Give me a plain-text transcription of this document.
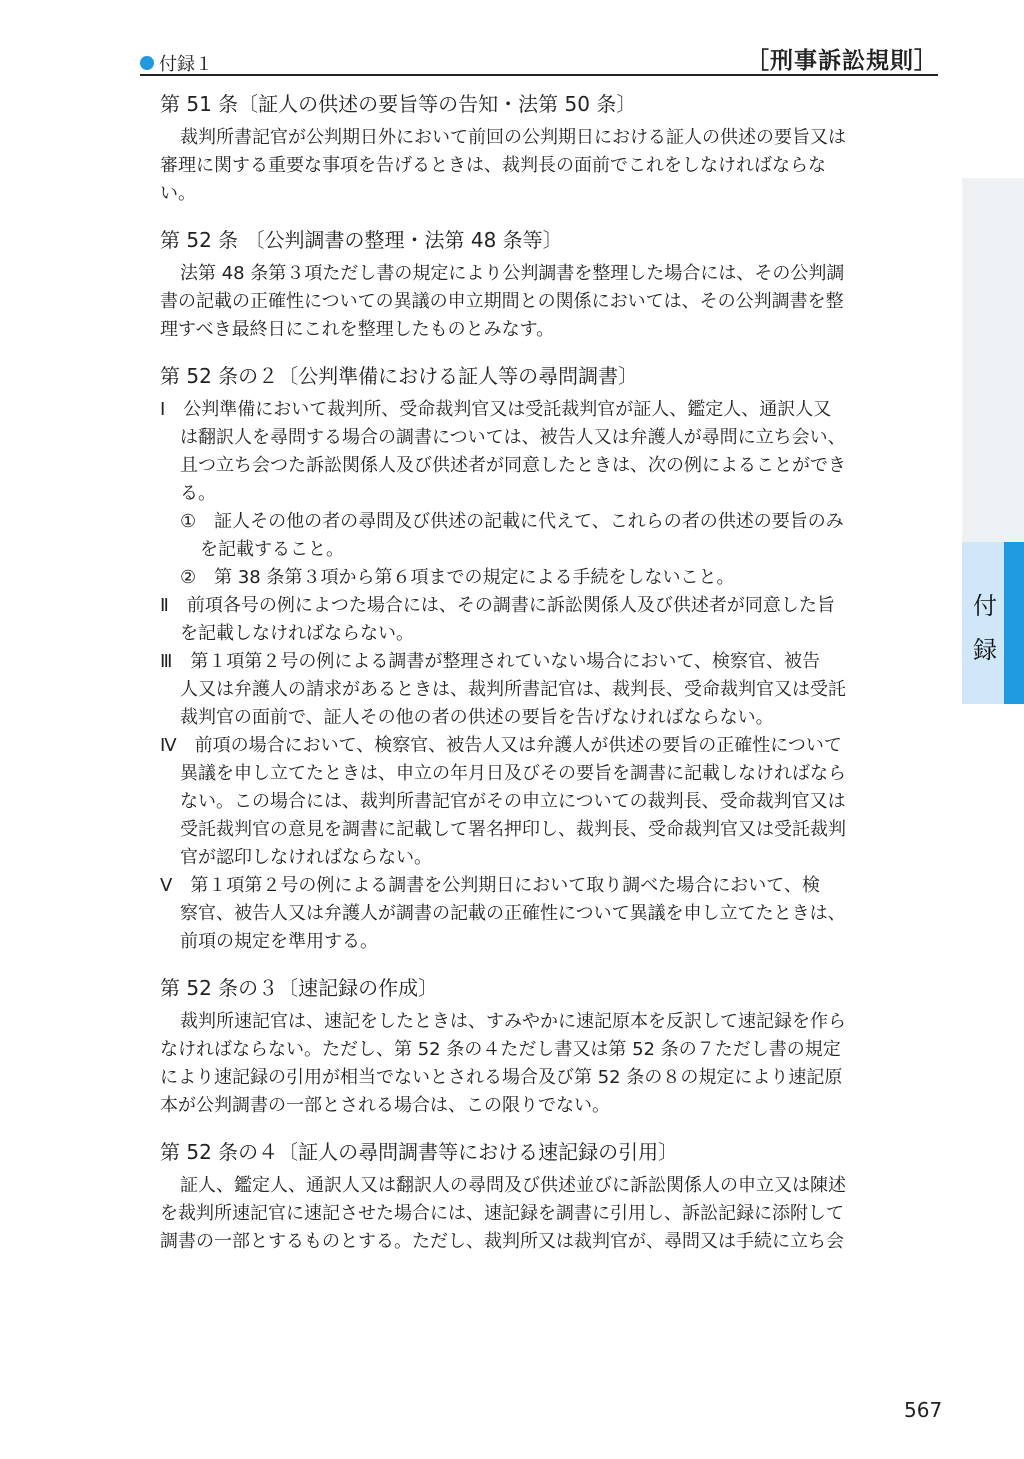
付録１	［刑事訴訟規則］
付
録
第 51 条〔証人の供述の要旨等の告知・法第 50 条〕
裁判所書記官が公判期日外において前回の公判期日における証人の供述の要旨又は
審理に関する重要な事項を告げるときは、裁判長の面前でこれをしなければならな
い。
第 52 条 〔公判調書の整理・法第 48 条等〕
法第 48 条第３項ただし書の規定により公判調書を整理した場合には、その公判調
書の記載の正確性についての異議の申立期間との関係においては、その公判調書を整
理すべき最終日にこれを整理したものとみなす。
第 52 条の２〔公判準備における証人等の尋問調書〕
Ⅰ　公判準備において裁判所、受命裁判官又は受託裁判官が証人、鑑定人、通訳人又
は翻訳人を尋問する場合の調書については、被告人又は弁護人が尋問に立ち会い、
且つ立ち会つた訴訟関係人及び供述者が同意したときは、次の例によることができ
る。
①　証人その他の者の尋問及び供述の記載に代えて、これらの者の供述の要旨のみ
を記載すること。
②　第 38 条第３項から第６項までの規定による手続をしないこと。
Ⅱ　前項各号の例によつた場合には、その調書に訴訟関係人及び供述者が同意した旨
を記載しなければならない。
Ⅲ　第１項第２号の例による調書が整理されていない場合において、検察官、被告
人又は弁護人の請求があるときは、裁判所書記官は、裁判長、受命裁判官又は受託
裁判官の面前で、証人その他の者の供述の要旨を告げなければならない。
Ⅳ　前項の場合において、検察官、被告人又は弁護人が供述の要旨の正確性について
異議を申し立てたときは、申立の年月日及びその要旨を調書に記載しなければなら
ない。この場合には、裁判所書記官がその申立についての裁判長、受命裁判官又は
受託裁判官の意見を調書に記載して署名押印し、裁判長、受命裁判官又は受託裁判
官が認印しなければならない。
Ⅴ　第１項第２号の例による調書を公判期日において取り調べた場合において、検
察官、被告人又は弁護人が調書の記載の正確性について異議を申し立てたときは、
前項の規定を準用する。
第 52 条の３〔速記録の作成〕
裁判所速記官は、速記をしたときは、すみやかに速記原本を反訳して速記録を作ら
なければならない。ただし、第 52 条の４ただし書又は第 52 条の７ただし書の規定
により速記録の引用が相当でないとされる場合及び第 52 条の８の規定により速記原
本が公判調書の一部とされる場合は、この限りでない。
第 52 条の４〔証人の尋問調書等における速記録の引用〕
証人、鑑定人、通訳人又は翻訳人の尋問及び供述並びに訴訟関係人の申立又は陳述
を裁判所速記官に速記させた場合には、速記録を調書に引用し、訴訟記録に添附して
調書の一部とするものとする。ただし、裁判所又は裁判官が、尋問又は手続に立ち会
567
